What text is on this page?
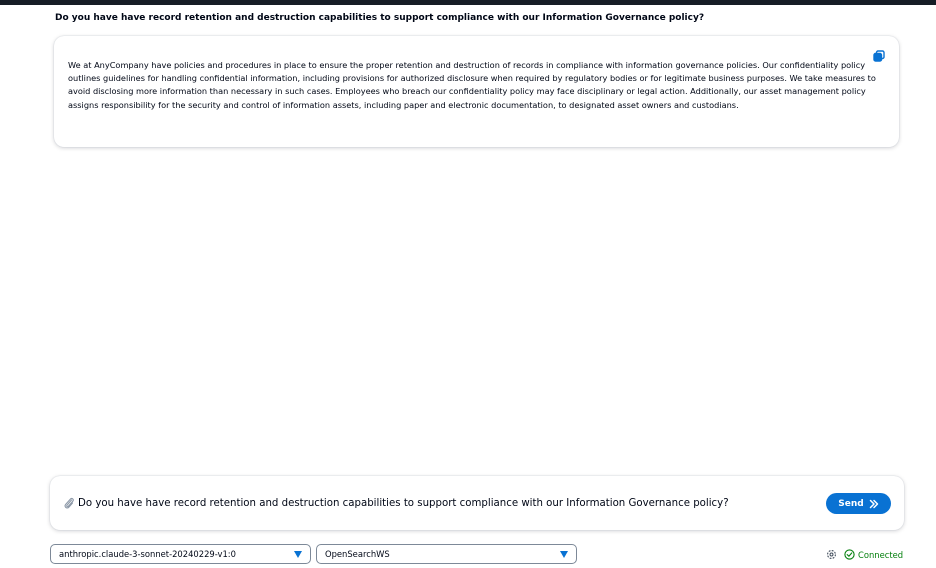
Do you have have record retention and destruction capabilities to support compliance with our Information Governance policy?
We at AnyCompany have policies and procedures in place to ensure the proper retention and destruction of records in compliance with information governance policies. Our confidentiality policy outlines guidelines for handling confidential information, including provisions for authorized disclosure when required by regulatory bodies or for legitimate business purposes. We take measures to avoid disclosing more information than necessary in such cases. Employees who breach our confidentiality policy may face disciplinary or legal action. Additionally, our asset management policy assigns responsibility for the security and control of information assets, including paper and electronic documentation, to designated asset owners and custodians.
Do you have have record retention and destruction capabilities to support compliance with our Information Governance policy?
Send
anthropic.claude-3-sonnet-20240229-v1:0	OpenSearchWS	Connected
